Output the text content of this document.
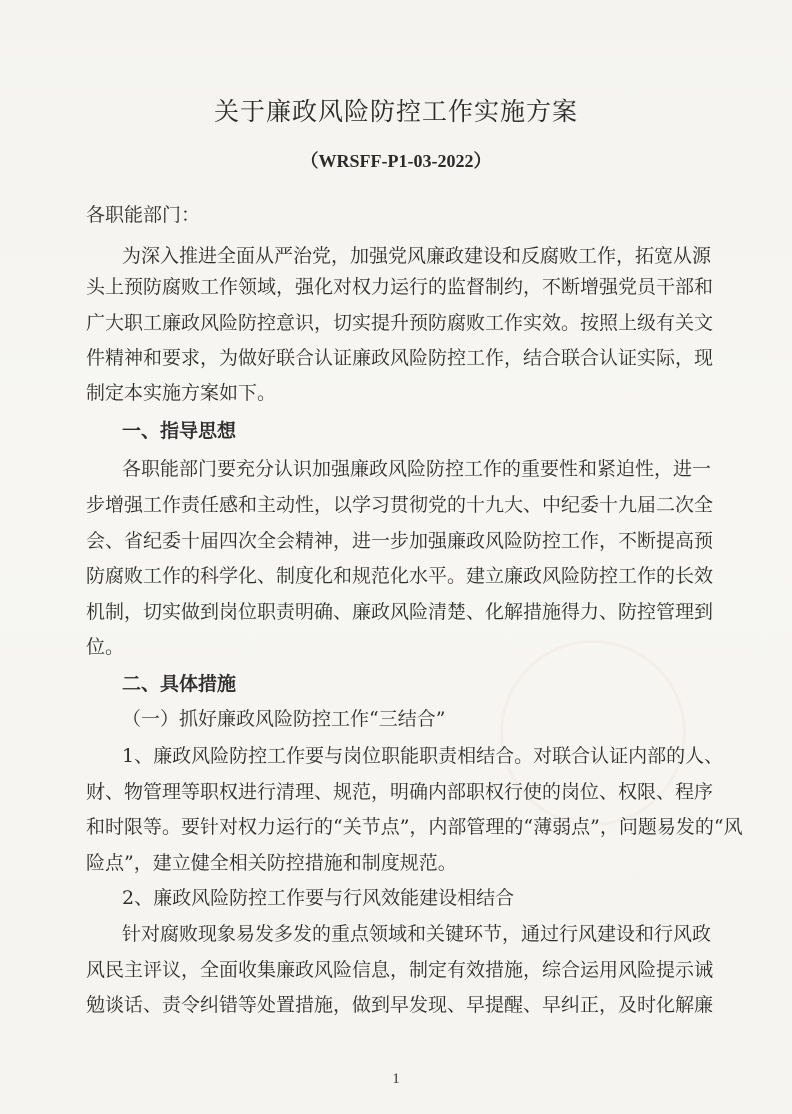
关于廉政风险防控工作实施方案
（WRSFF-P1-03-2022）
各职能部门：
为深入推进全面从严治党，加强党风廉政建设和反腐败工作，拓宽从源
头上预防腐败工作领域，强化对权力运行的监督制约，不断增强党员干部和
广大职工廉政风险防控意识，切实提升预防腐败工作实效。按照上级有关文
件精神和要求，为做好联合认证廉政风险防控工作，结合联合认证实际，现
制定本实施方案如下。
一、指导思想
各职能部门要充分认识加强廉政风险防控工作的重要性和紧迫性，进一
步增强工作责任感和主动性，以学习贯彻党的十九大、中纪委十九届二次全
会、省纪委十届四次全会精神，进一步加强廉政风险防控工作，不断提高预
防腐败工作的科学化、制度化和规范化水平。建立廉政风险防控工作的长效
机制，切实做到岗位职责明确、廉政风险清楚、化解措施得力、防控管理到
位。
二、具体措施
（一）抓好廉政风险防控工作“三结合”
1、廉政风险防控工作要与岗位职能职责相结合。对联合认证内部的人、
财、物管理等职权进行清理、规范，明确内部职权行使的岗位、权限、程序
和时限等。要针对权力运行的“关节点”，内部管理的“薄弱点”，问题易发的“风
险点”，建立健全相关防控措施和制度规范。
2、廉政风险防控工作要与行风效能建设相结合
针对腐败现象易发多发的重点领域和关键环节，通过行风建设和行风政
风民主评议，全面收集廉政风险信息，制定有效措施，综合运用风险提示诫
勉谈话、责令纠错等处置措施，做到早发现、早提醒、早纠正，及时化解廉
1
